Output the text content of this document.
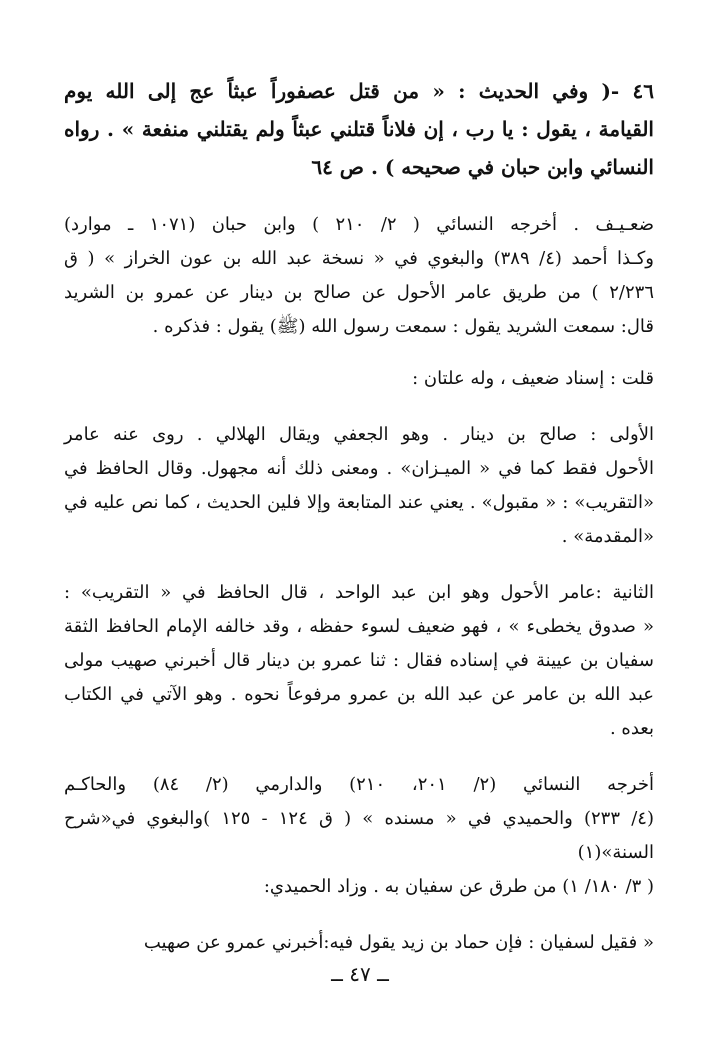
٤٦ -( وفي الحديث : « من قتل عصفوراً عبثاً عج إلى الله يوم
القيامة ، يقول : يا رب ، إن فلاناً قتلني عبثاً ولم يقتلني منفعة » . رواه
النسائي وابن حبان في صحيحه ) . ص ٦٤

ضعـيـف . أخرجه النسائي ( ٢/ ٢١٠ ) وابن حبان (١٠٧١ ـ موارد)
وكـذا أحمد (٤/ ٣٨٩) والبغوي في « نسخة عبد الله بن عون الخراز » ( ق
٢/٢٣٦ ) من طريق عامر الأحول عن صالح بن دينار عن عمرو بن الشريد
قال: سمعت الشريد يقول : سمعت رسول الله (ﷺ) يقول : فذكره .

قلت : إسناد ضعيف ، وله علتان :

الأولى : صالح بن دينار . وهو الجعفي ويقال الهلالي . روى عنه عامر
الأحول فقط كما في « الميـزان» . ومعنى ذلك أنه مجهول. وقال الحافظ في
«التقريب» : « مقبول» . يعني عند المتابعة وإلا فلين الحديث ، كما نص عليه في
«المقدمة» .

الثانية :عامر الأحول وهو ابن عبد الواحد ، قال الحافظ في « التقريب» :
« صدوق يخطىء » ، فهو ضعيف لسوء حفظه ، وقد خالفه الإمام الحافظ الثقة
سفيان بن عيينة في إسناده فقال : ثنا عمرو بن دينار قال أخبرني صهيب مولى
عبد الله بن عامر عن عبد الله بن عمرو مرفوعاً نحوه . وهو الآتي في الكتاب
بعده .

أخرجه النسائي (٢/ ٢٠١، ٢١٠) والدارمي (٢/ ٨٤) والحاكـم
(٤/ ٢٣٣) والحميدي في « مسنده » ( ق ١٢٤ - ١٢٥ )والبغوي في«شرح السنة»(١)
( ٣/ ١٨٠/ ١) من طرق عن سفيان به . وزاد الحميدي:

« فقيل لسفيان : فإن حماد بن زيد يقول فيه:أخبرني عمرو عن صهيب

ــ ٤٧ ــ
